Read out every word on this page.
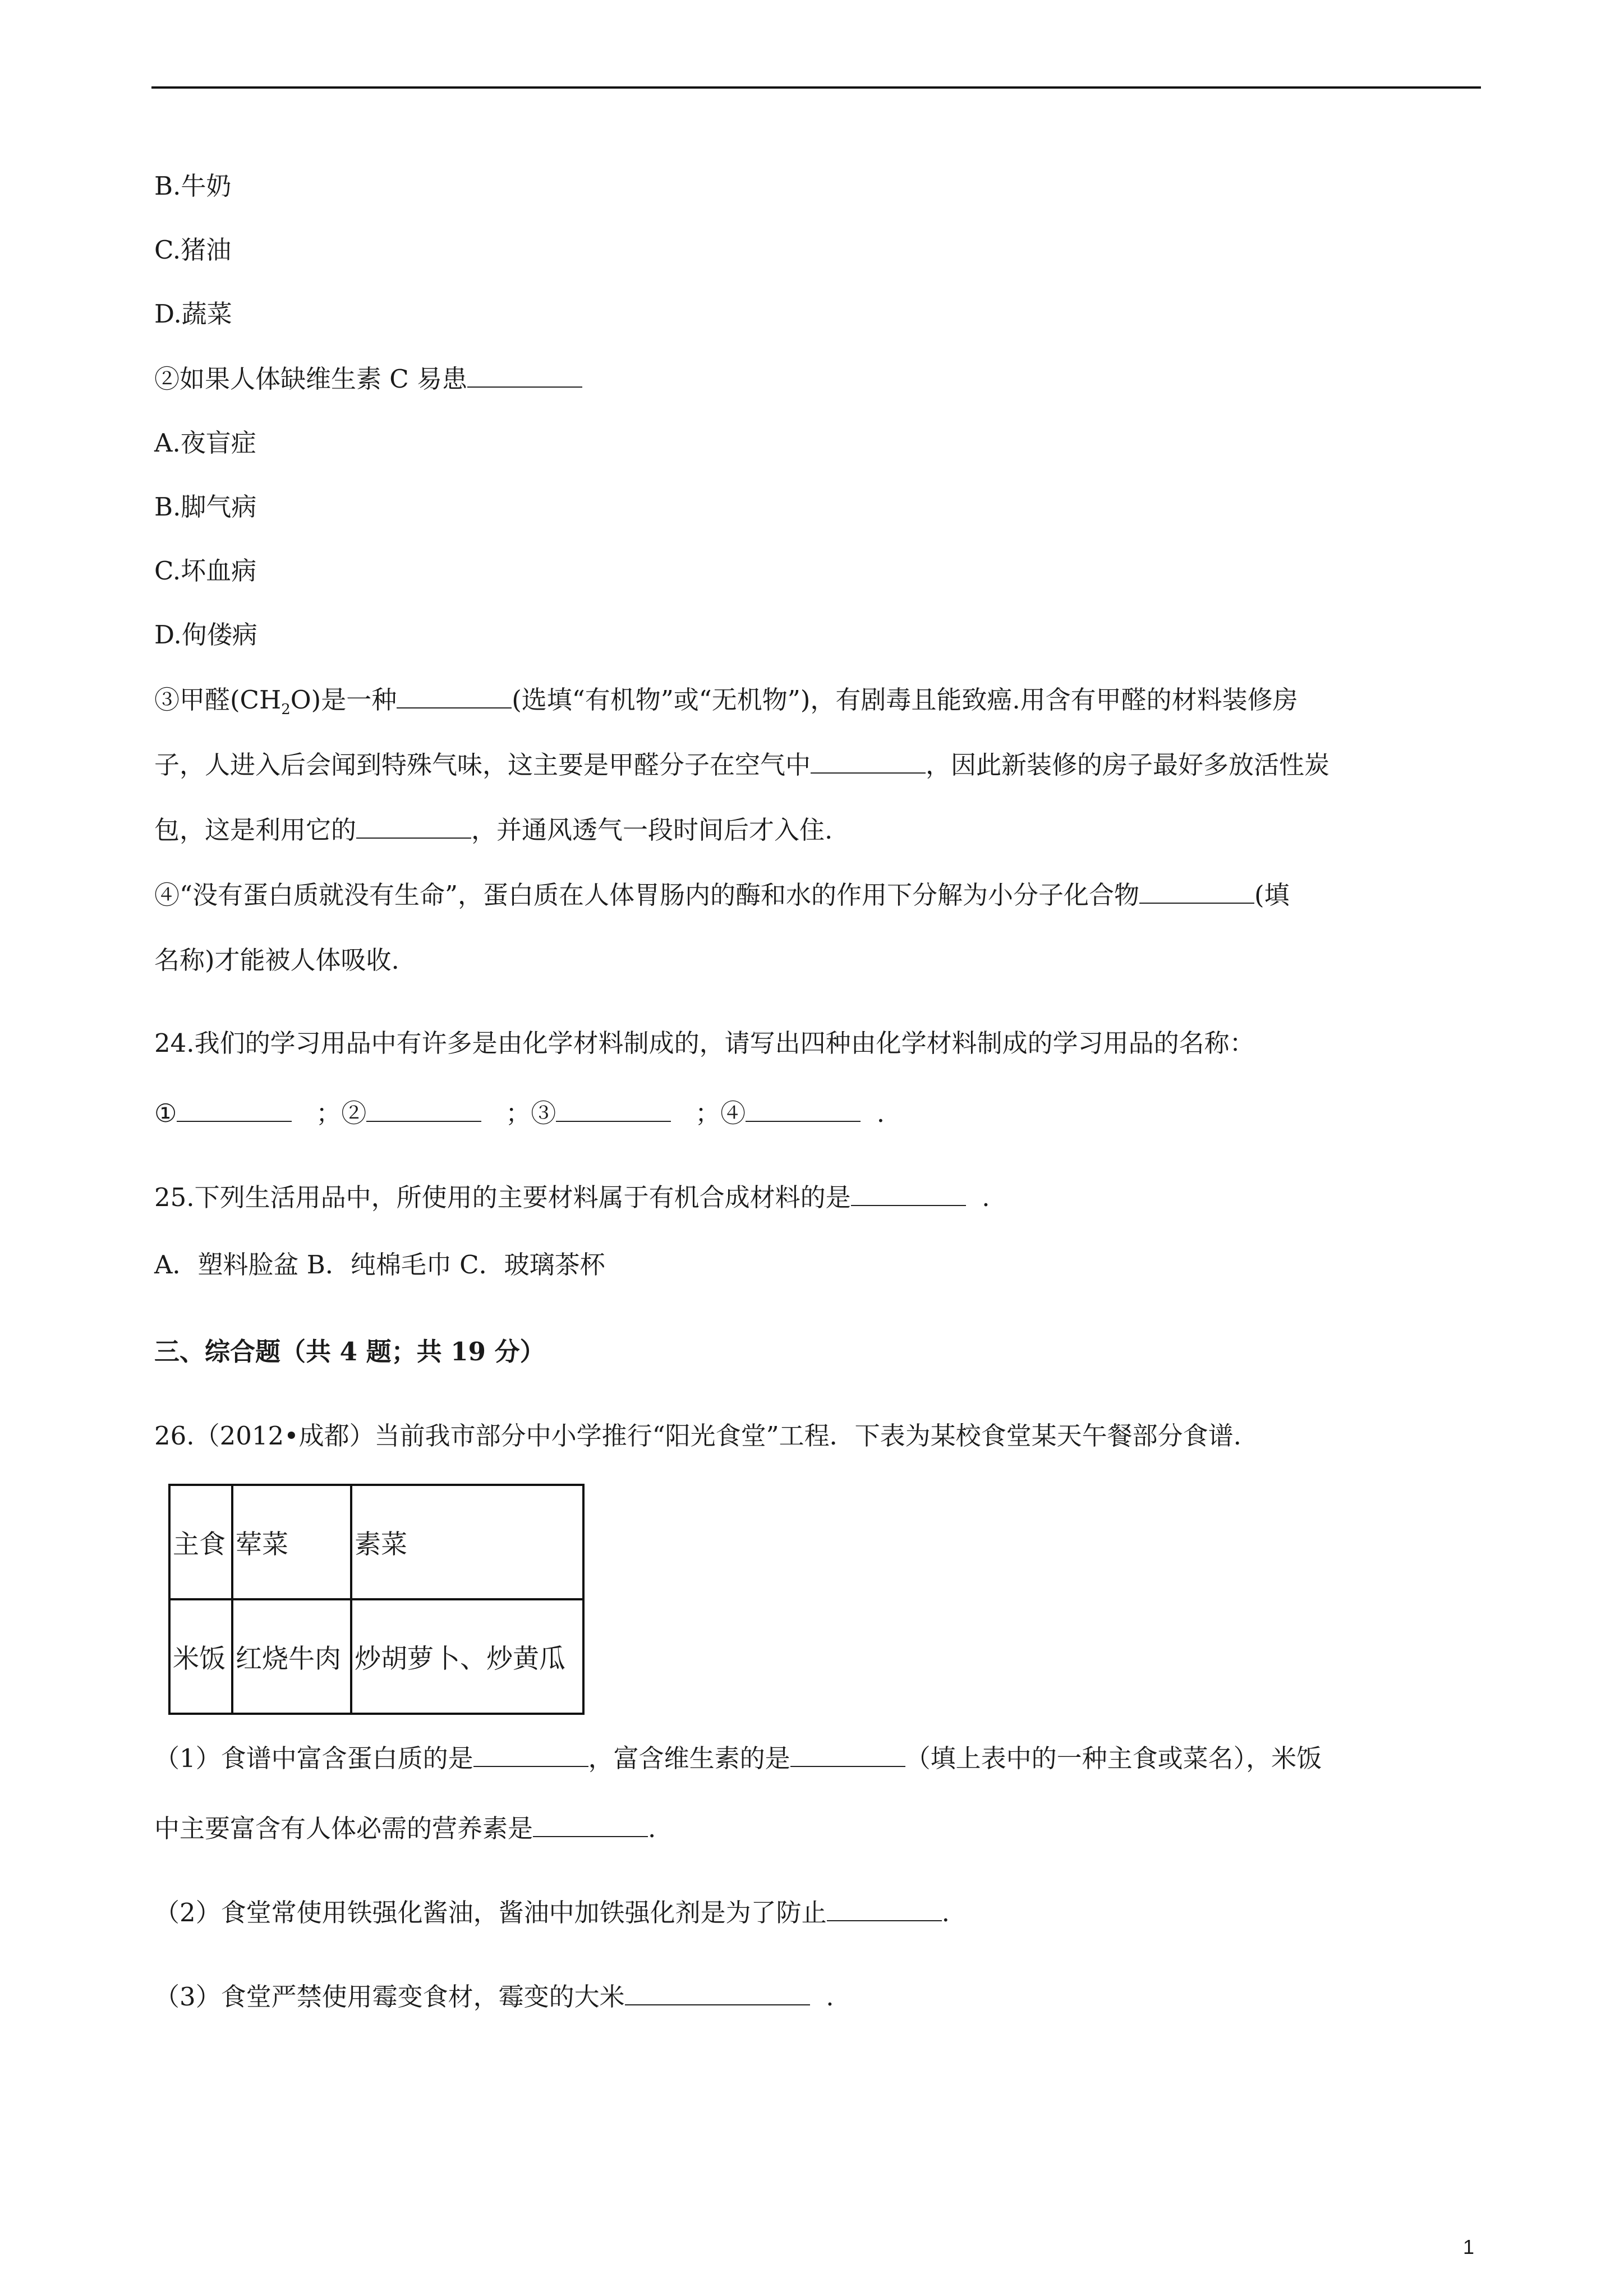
B.牛奶
C.猪油
D.蔬菜
②如果人体缺维生素 C 易患
A.夜盲症
B.脚气病
C.坏血病
D.佝偻病
③甲醛$(CH_2O)$是一种	(选填“有机物”或“无机物”)，有剧毒且能致癌.用含有甲醛的材料装修房
子，人进入后会闻到特殊气味，这主要是甲醛分子在空气中	，因此新装修的房子最好多放活性炭
包，这是利用它的	，并通风透气一段时间后才入住.
④“没有蛋白质就没有生命”，蛋白质在人体胃肠内的酶和水的作用下分解为小分子化合物	(填
名称)才能被人体吸收.
24.我们的学习用品中有许多是由化学材料制成的，请写出四种由化学材料制成的学习用品的名称：
①	；②	；③	；④	.
25.下列生活用品中，所使用的主要材料属于有机合成材料的是	.
A．塑料脸盆 B．纯棉毛巾 C．玻璃茶杯
三、综合题（共 4 题；共 19 分）
26.（2012•成都）当前我市部分中小学推行“阳光食堂”工程．下表为某校食堂某天午餐部分食谱.
主食	荤菜	素菜
米饭	红烧牛肉	炒胡萝卜、炒黄瓜
（1）食谱中富含蛋白质的是	，富含维生素的是	（填上表中的一种主食或菜名），米饭
中主要富含有人体必需的营养素是	.
（2）食堂常使用铁强化酱油，酱油中加铁强化剂是为了防止	.
（3）食堂严禁使用霉变食材，霉变的大米	.
1
